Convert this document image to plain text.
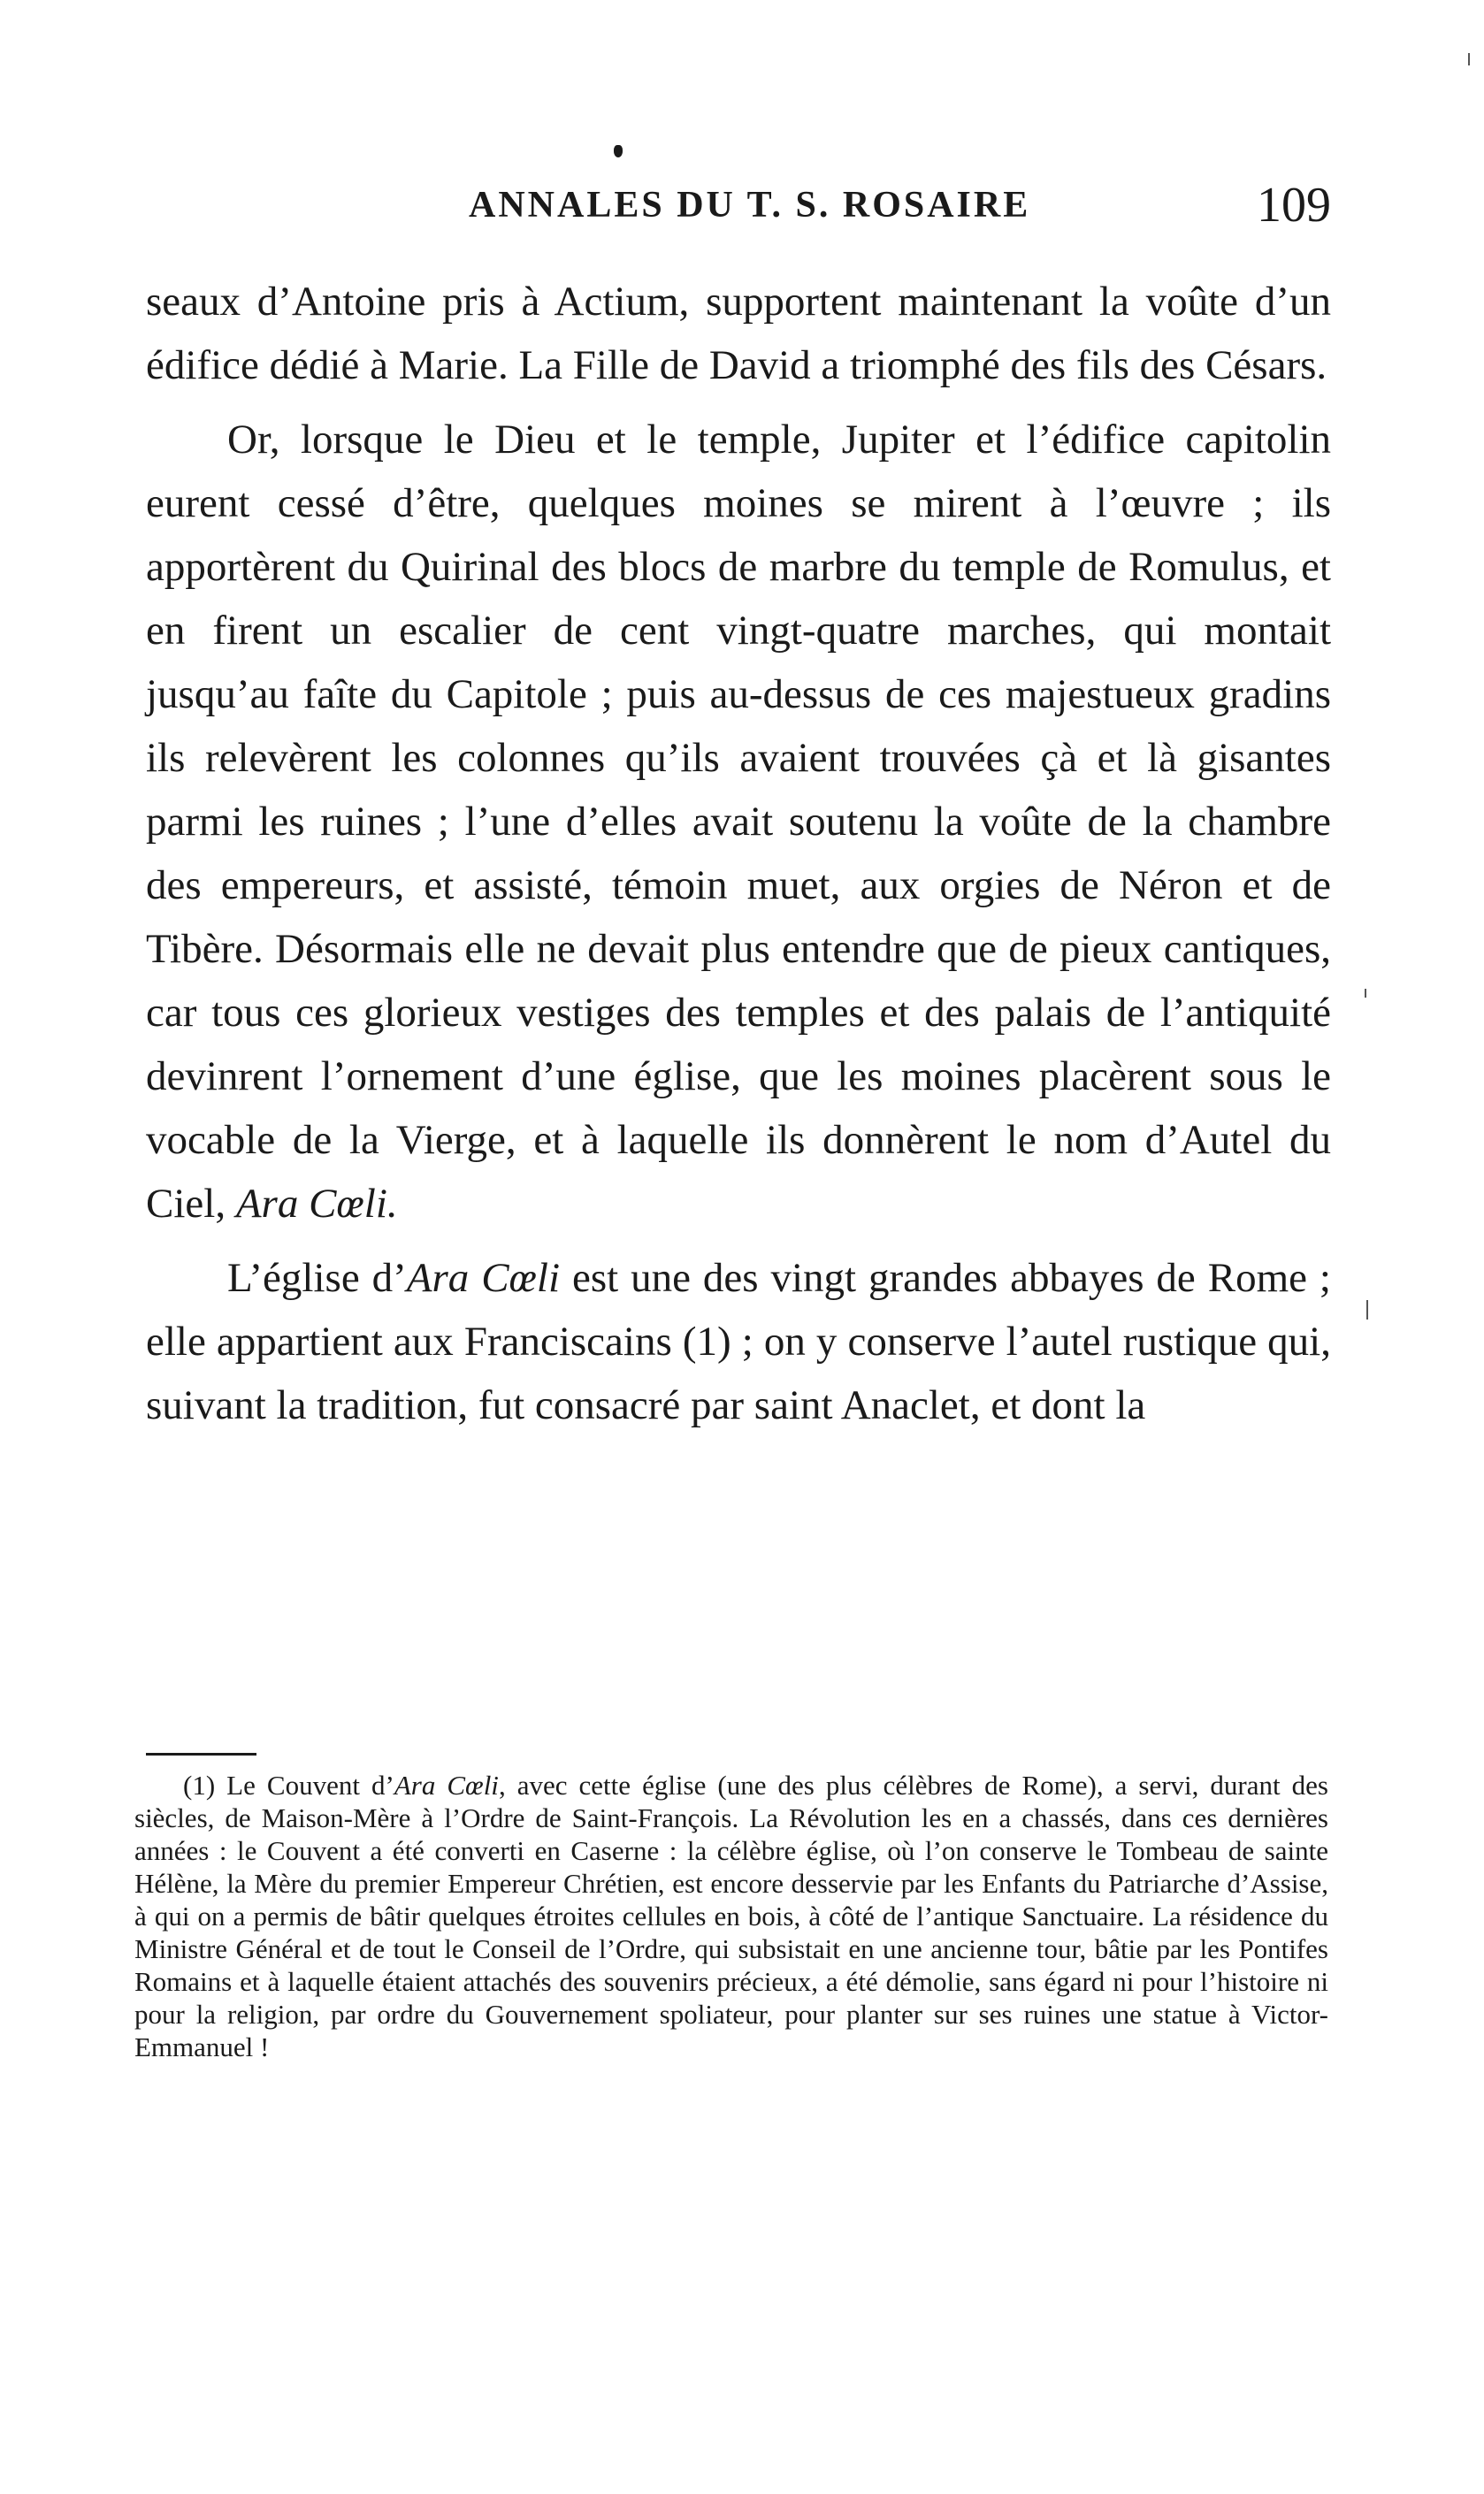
ANNALES DU T. S. ROSAIRE	109

seaux d’Antoine pris à Actium, supportent maintenant la voûte d’un édifice dédié à Marie. La Fille de David a triomphé des fils des Césars.

Or, lorsque le Dieu et le temple, Jupiter et l’édifice capitolin eurent cessé d’être, quelques moines se mirent à l’œuvre ; ils apportèrent du Quirinal des blocs de marbre du temple de Romulus, et en firent un escalier de cent vingt-quatre marches, qui montait jusqu’au faîte du Capitole ; puis au-dessus de ces majestueux gradins ils relevèrent les colonnes qu’ils avaient trouvées çà et là gisantes parmi les ruines ; l’une d’elles avait soutenu la voûte de la chambre des empereurs, et assisté, témoin muet, aux orgies de Néron et de Tibère. Désormais elle ne devait plus entendre que de pieux cantiques, car tous ces glorieux vestiges des temples et des palais de l’antiquité devinrent l’ornement d’une église, que les moines placèrent sous le vocable de la Vierge, et à laquelle ils donnèrent le nom d’Autel du Ciel, Ara Cœli.

L’église d’Ara Cœli est une des vingt grandes abbayes de Rome ; elle appartient aux Franciscains (1) ; on y conserve l’autel rustique qui, suivant la tradition, fut consacré par saint Anaclet, et dont la

(1) Le Couvent d’Ara Cœli, avec cette église (une des plus célèbres de Rome), a servi, durant des siècles, de Maison-Mère à l’Ordre de Saint-François. La Révolution les en a chassés, dans ces dernières années : le Couvent a été converti en Caserne : la célèbre église, où l’on conserve le Tombeau de sainte Hélène, la Mère du premier Empereur Chrétien, est encore desservie par les Enfants du Patriarche d’Assise, à qui on a permis de bâtir quelques étroites cellules en bois, à côté de l’antique Sanctuaire. La résidence du Ministre Général et de tout le Conseil de l’Ordre, qui subsistait en une ancienne tour, bâtie par les Pontifes Romains et à laquelle étaient attachés des souvenirs précieux, a été démolie, sans égard ni pour l’histoire ni pour la religion, par ordre du Gouvernement spoliateur, pour planter sur ses ruines une statue à Victor-Emmanuel !
